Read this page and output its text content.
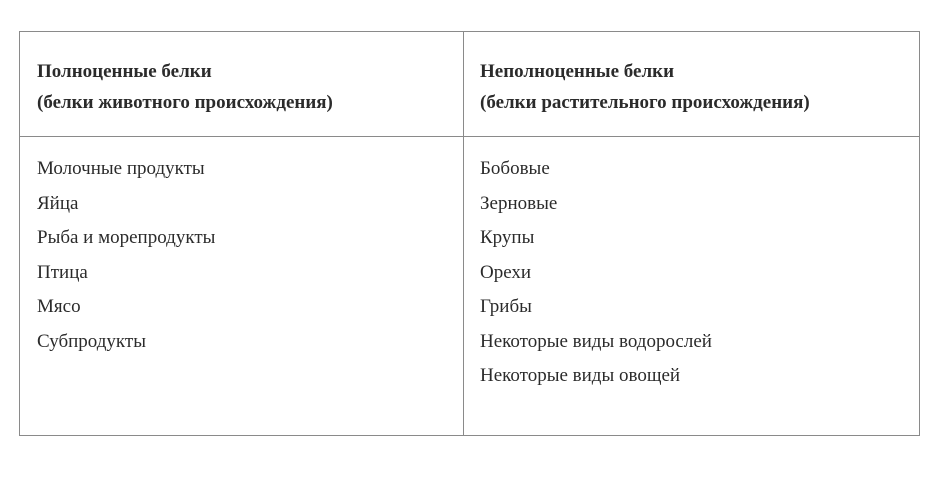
Полноценные белки
(белки животного происхождения)
Неполноценные белки
(белки растительного происхождения)
Молочные продукты
Яйца
Рыба и морепродукты
Птица
Мясо
Субпродукты
Бобовые
Зерновые
Крупы
Орехи
Грибы
Некоторые виды водорослей
Некоторые виды овощей
